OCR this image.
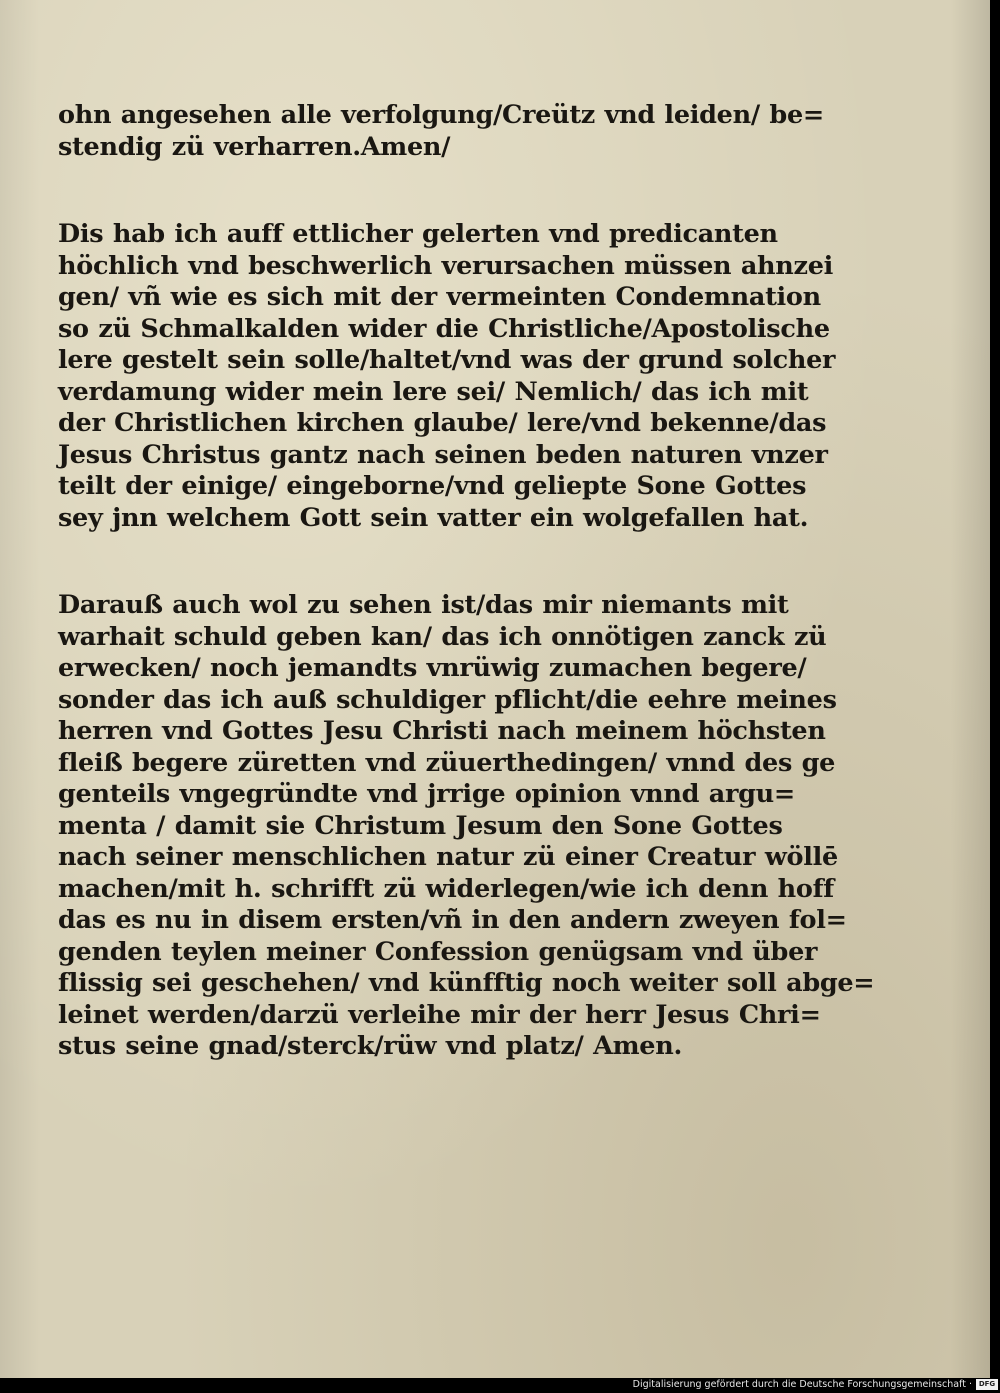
ohn angesehen alle verfolgung/Creütz vnd leiden/ be=
stendig zü verharren.Amen/
Dis hab ich auff ettlicher gelerten vnd predicanten
höchlich vnd beschwerlich verursachen müssen ahnzei
gen/ vñ wie es sich mit der vermeinten Condemnation
so zü Schmalkalden wider die Christliche/Apostolische
lere gestelt sein solle/haltet/vnd was der grund solcher
verdamung wider mein lere sei/ Nemlich/ das ich mit
der Christlichen kirchen glaube/ lere/vnd bekenne/das
Jesus Christus gantz nach seinen beden naturen vnzer
teilt der einige/ eingeborne/vnd geliepte Sone Gottes
sey jnn welchem Gott sein vatter ein wolgefallen hat.
Darauß auch wol zu sehen ist/das mir niemants mit
warhait schuld geben kan/ das ich onnötigen zanck zü
erwecken/ noch jemandts vnrüwig zumachen begere/
sonder das ich auß schuldiger pflicht/die eehre meines
herren vnd Gottes Jesu Christi nach meinem höchsten
fleiß begere züretten vnd züuerthedingen/ vnnd des ge
genteils vngegründte vnd jrrige opinion vnnd argu=
menta / damit sie Christum Jesum den Sone Gottes
nach seiner menschlichen natur zü einer Creatur wöllē
machen/mit h. schrifft zü widerlegen/wie ich denn hoff
das es nu in disem ersten/vñ in den andern zweyen fol=
genden teylen meiner Confession genügsam vnd über
flissig sei geschehen/ vnd künfftig noch weiter soll abge=
leinet werden/darzü verleihe mir der herr Jesus Chri=
stus seine gnad/sterck/rüw vnd platz/ Amen.
Digitalisierung gefördert durch die Deutsche Forschungsgemeinschaft · DFG
